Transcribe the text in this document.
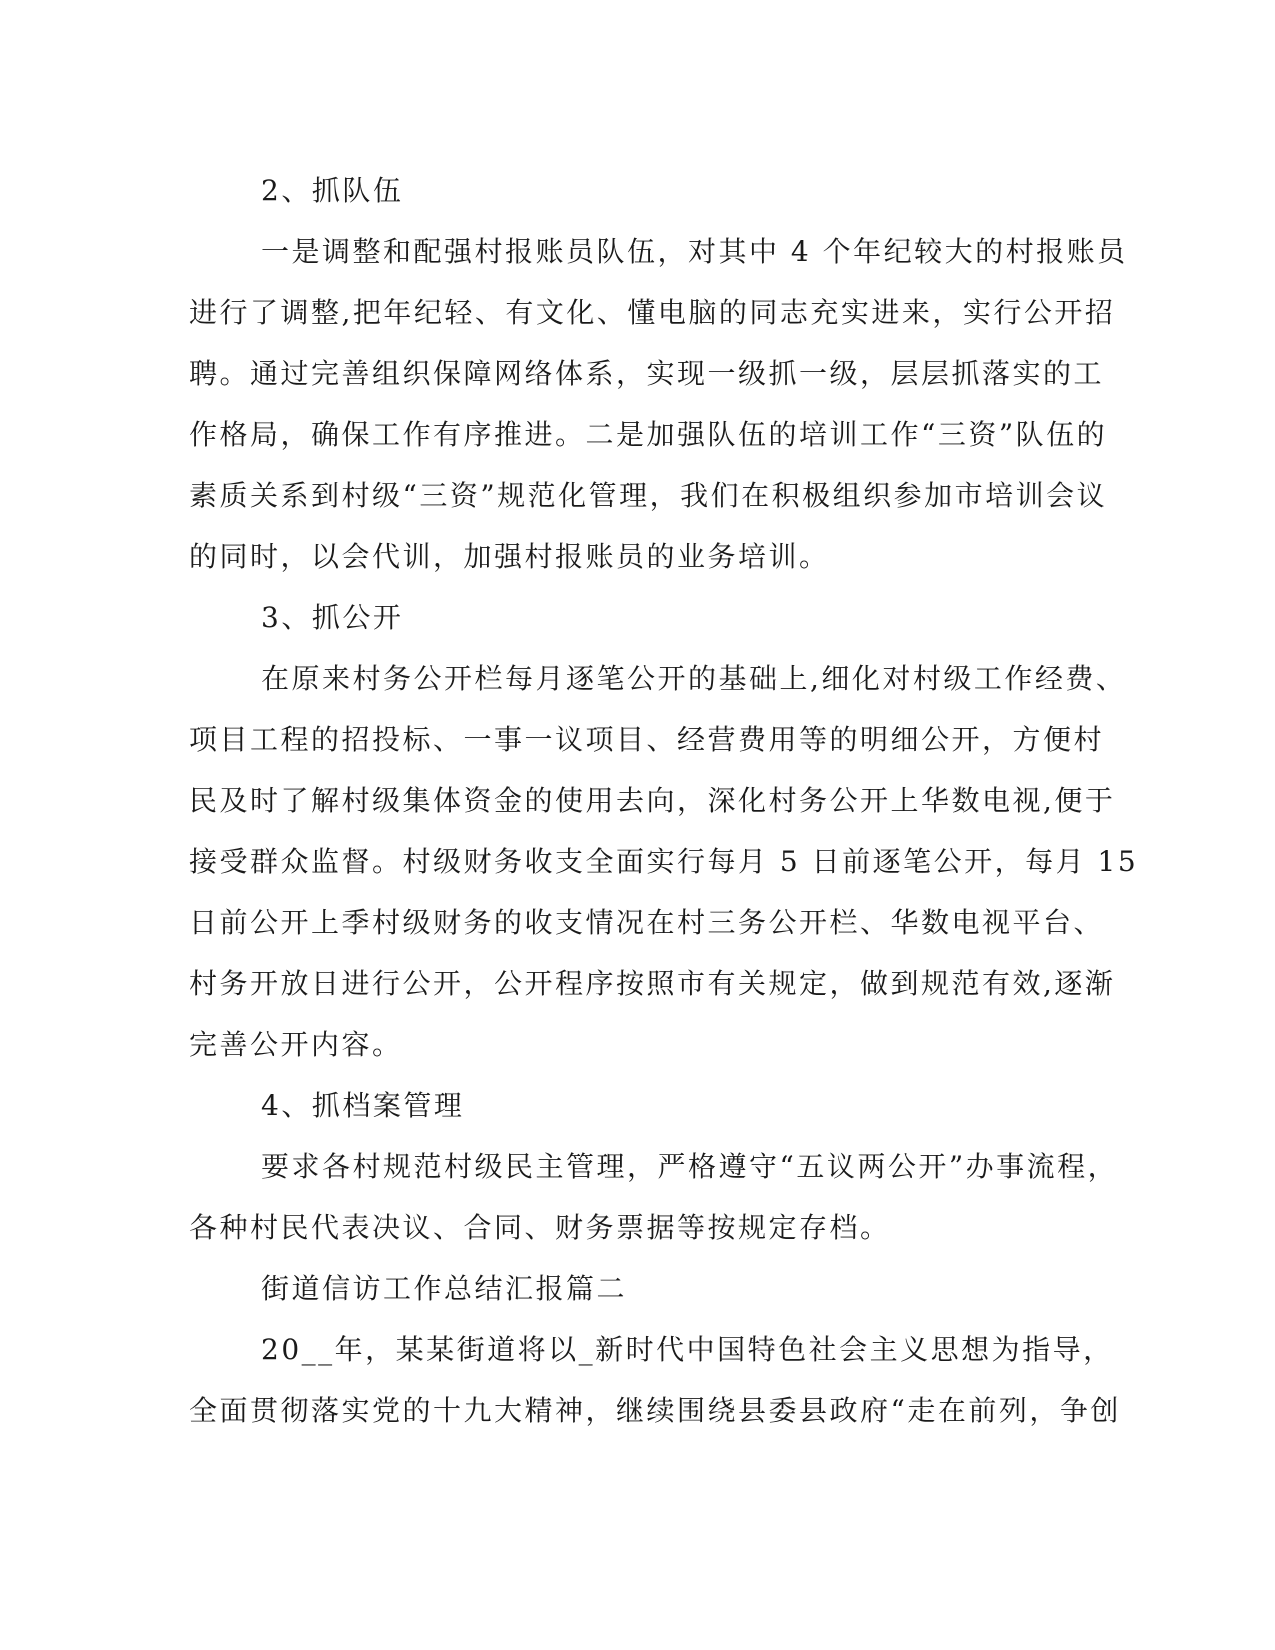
2、抓队伍
一是调整和配强村报账员队伍，对其中 4 个年纪较大的村报账员
进行了调整,把年纪轻、有文化、懂电脑的同志充实进来，实行公开招
聘。通过完善组织保障网络体系，实现一级抓一级，层层抓落实的工
作格局，确保工作有序推进。二是加强队伍的培训工作“三资”队伍的
素质关系到村级“三资”规范化管理，我们在积极组织参加市培训会议
的同时，以会代训，加强村报账员的业务培训。
3、抓公开
在原来村务公开栏每月逐笔公开的基础上,细化对村级工作经费、
项目工程的招投标、一事一议项目、经营费用等的明细公开，方便村
民及时了解村级集体资金的使用去向，深化村务公开上华数电视,便于
接受群众监督。村级财务收支全面实行每月 5 日前逐笔公开，每月 15
日前公开上季村级财务的收支情况在村三务公开栏、华数电视平台、
村务开放日进行公开，公开程序按照市有关规定，做到规范有效,逐渐
完善公开内容。
4、抓档案管理
要求各村规范村级民主管理，严格遵守“五议两公开”办事流程，
各种村民代表决议、合同、财务票据等按规定存档。
街道信访工作总结汇报篇二
20__年，某某街道将以_新时代中国特色社会主义思想为指导，
全面贯彻落实党的十九大精神，继续围绕县委县政府“走在前列，争创
